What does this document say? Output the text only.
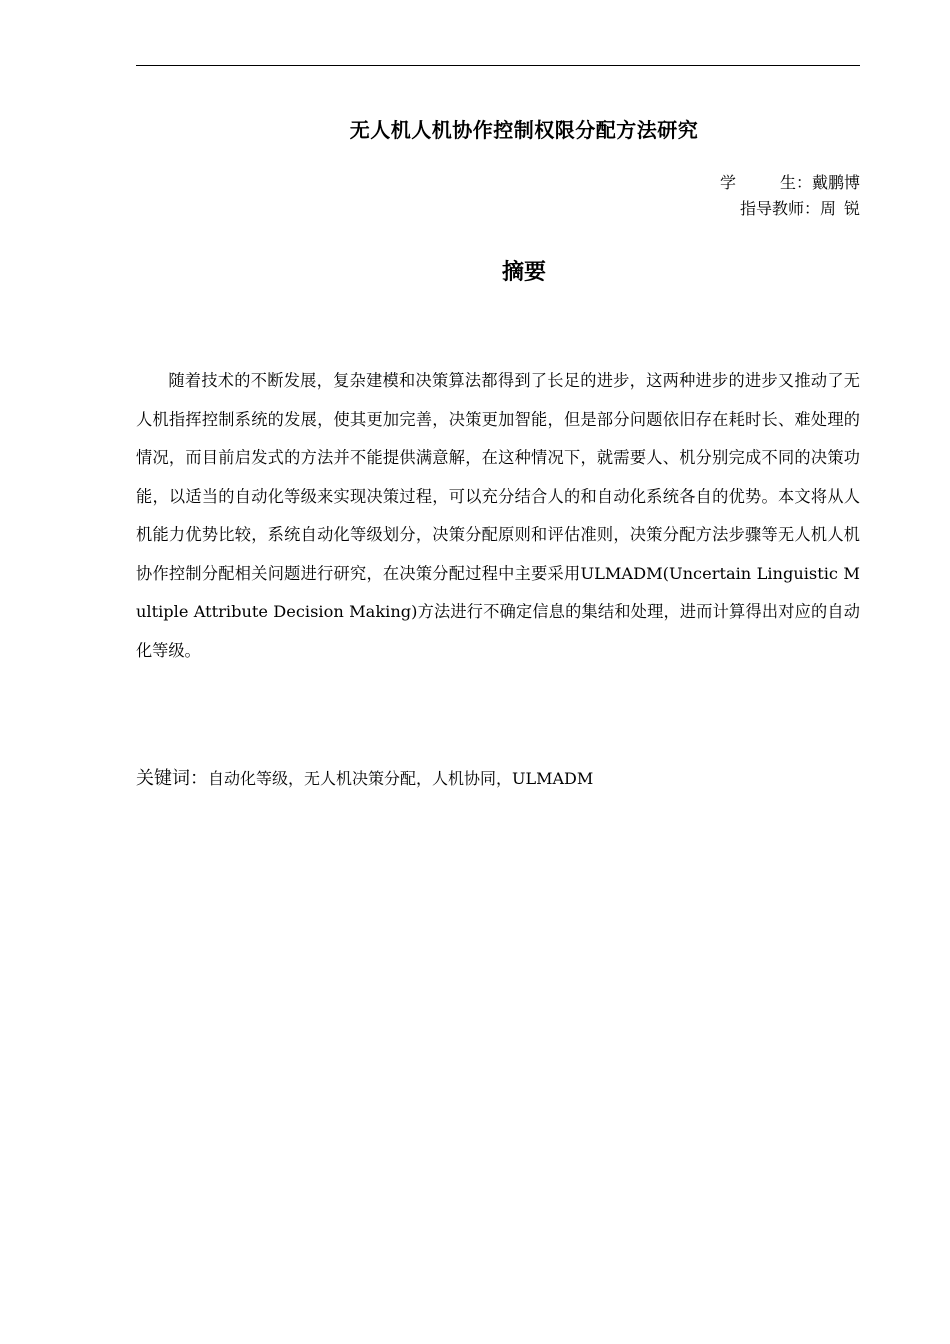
无人机人机协作控制权限分配方法研究
学	生：戴鹏博
指导教师：周 锐
摘要

随着技术的不断发展，复杂建模和决策算法都得到了长足的进步，这两种进步的进步又推动了无人机指挥控制系统的发展，使其更加完善，决策更加智能，但是部分问题依旧存在耗时长、难处理的情况，而目前启发式的方法并不能提供满意解，在这种情况下，就需要人、机分别完成不同的决策功能，以适当的自动化等级来实现决策过程，可以充分结合人的和自动化系统各自的优势。本文将从人机能力优势比较，系统自动化等级划分，决策分配原则和评估准则，决策分配方法步骤等无人机人机协作控制分配相关问题进行研究，在决策分配过程中主要采用ULMADM(Uncertain Linguistic Multiple Attribute Decision Making)方法进行不确定信息的集结和处理，进而计算得出对应的自动化等级。

关键词：自动化等级，无人机决策分配，人机协同，ULMADM
